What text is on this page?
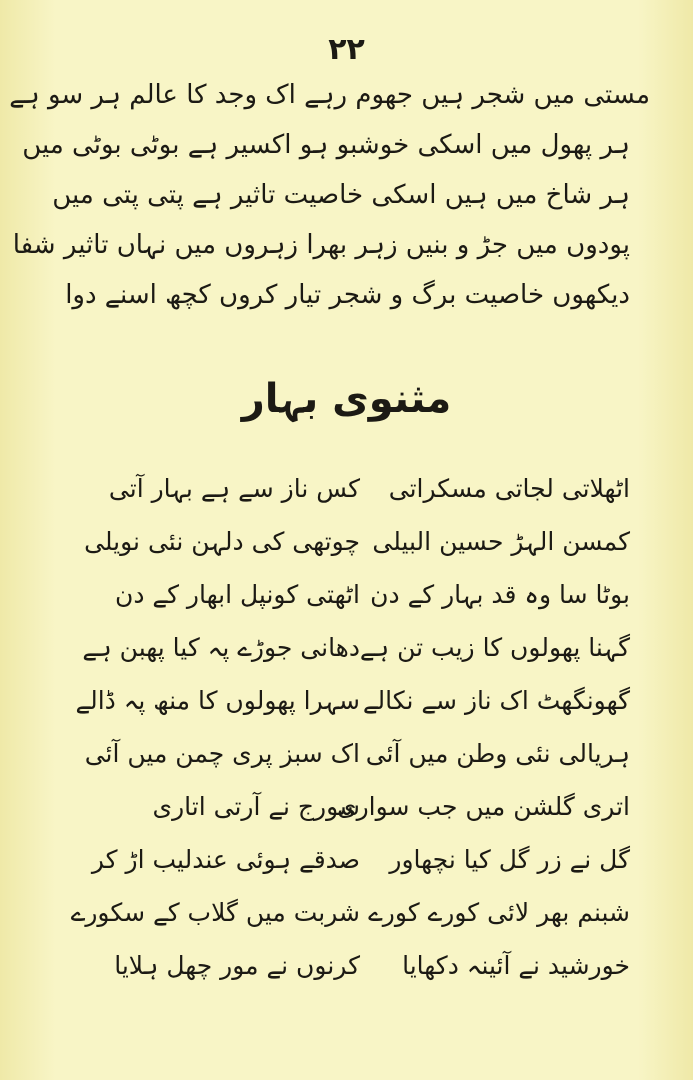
۲۲
مستی میں شجر ہیں جھوم رہے اک وجد کا عالم ہر سو ہے
ہر پھول میں اسکی خوشبو ہو اکسیر ہے بوٹی بوٹی میں
ہر شاخ میں ہیں اسکی خاصیت تاثیر ہے پتی پتی میں
پودوں میں جڑ و بنیں زہر بھرا زہروں میں نہاں تاثیر شفا
دیکھوں خاصیت برگ و شجر تیار کروں کچھ اسنے دوا
مثنوی بہار
اٹھلاتی لجاتی مسکراتی
کمسن الہڑ حسین البیلی
بوٹا سا وہ قد بہار کے دن
گہنا پھولوں کا زیب تن ہے
گھونگھٹ اک ناز سے نکالے
ہریالی نئی وطن میں آئی
اتری گلشن میں جب سواری
گل نے زر گل کیا نچھاور
شبنم بھر لائی کورے کورے
خورشید نے آئینہ دکھایا
کس ناز سے ہے بہار آتی
چوتھی کی دلہن نئی نویلی
اٹھتی کونپل ابھار کے دن
دھانی جوڑے پہ کیا پھبن ہے
سہرا پھولوں کا منھ پہ ڈالے
اک سبز پری چمن میں آئی
سورج نے آرتی اتاری
صدقے ہوئی عندلیب اڑ کر
شربت میں گلاب کے سکورے
کرنوں نے مور چھل ہلایا
